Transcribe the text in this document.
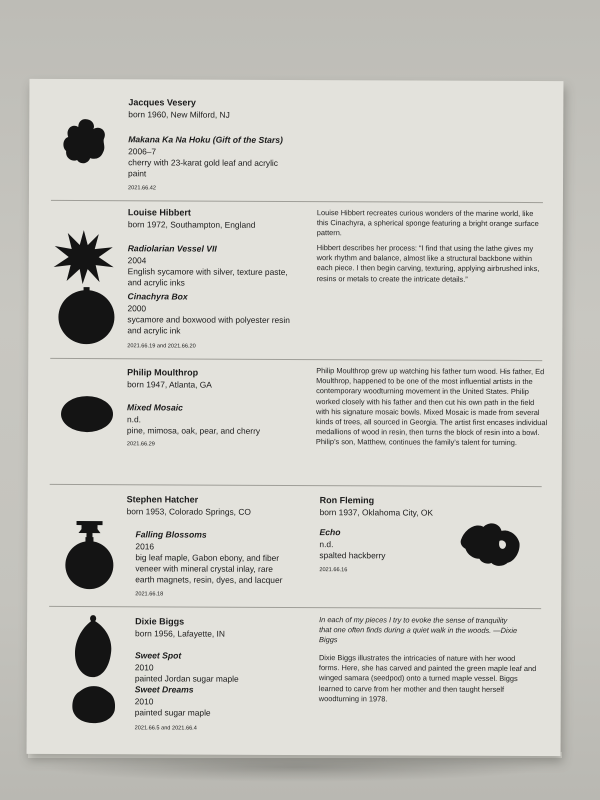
Jacques Vesery
born 1960, New Milford, NJ
Makana Ka Na Hoku (Gift of the Stars)
2006–7
cherry with 23-karat gold leaf and acrylic
paint
2021.66.42
Louise Hibbert
born 1972, Southampton, England
Radiolarian Vessel VII
2004
English sycamore with silver, texture paste,
and acrylic inks
Cinachyra Box
2000
sycamore and boxwood with polyester resin
and acrylic ink
2021.66.19 and 2021.66.20
Louise Hibbert recreates curious wonders of the marine world, like this Cinachyra, a spherical sponge featuring a bright orange surface pattern.
Hibbert describes her process: “I find that using the lathe gives my work rhythm and balance, almost like a structural backbone within each piece. I then begin carving, texturing, applying airbrushed inks, resins or metals to create the intricate details.”
Philip Moulthrop
born 1947, Atlanta, GA
Mixed Mosaic
n.d.
pine, mimosa, oak, pear, and cherry
2021.66.29
Philip Moulthrop grew up watching his father turn wood. His father, Ed Moulthrop, happened to be one of the most influential artists in the contemporary woodturning movement in the United States. Philip worked closely with his father and then cut his own path in the field with his signature mosaic bowls. Mixed Mosaic is made from several kinds of trees, all sourced in Georgia. The artist first encases individual medallions of wood in resin, then turns the block of resin into a bowl. Philip’s son, Matthew, continues the family’s talent for turning.
Stephen Hatcher
born 1953, Colorado Springs, CO
Falling Blossoms
2016
big leaf maple, Gabon ebony, and fiber
veneer with mineral crystal inlay, rare
earth magnets, resin, dyes, and lacquer
2021.66.18
Ron Fleming
born 1937, Oklahoma City, OK
Echo
n.d.
spalted hackberry
2021.66.16
Dixie Biggs
born 1956, Lafayette, IN
Sweet Spot
2010
painted Jordan sugar maple
Sweet Dreams
2010
painted sugar maple
2021.66.5 and 2021.66.4
In each of my pieces I try to evoke the sense of tranquility that one often finds during a quiet walk in the woods. —Dixie Biggs
Dixie Biggs illustrates the intricacies of nature with her wood forms. Here, she has carved and painted the green maple leaf and winged samara (seedpod) onto a turned maple vessel. Biggs learned to carve from her mother and then taught herself woodturning in 1978.
